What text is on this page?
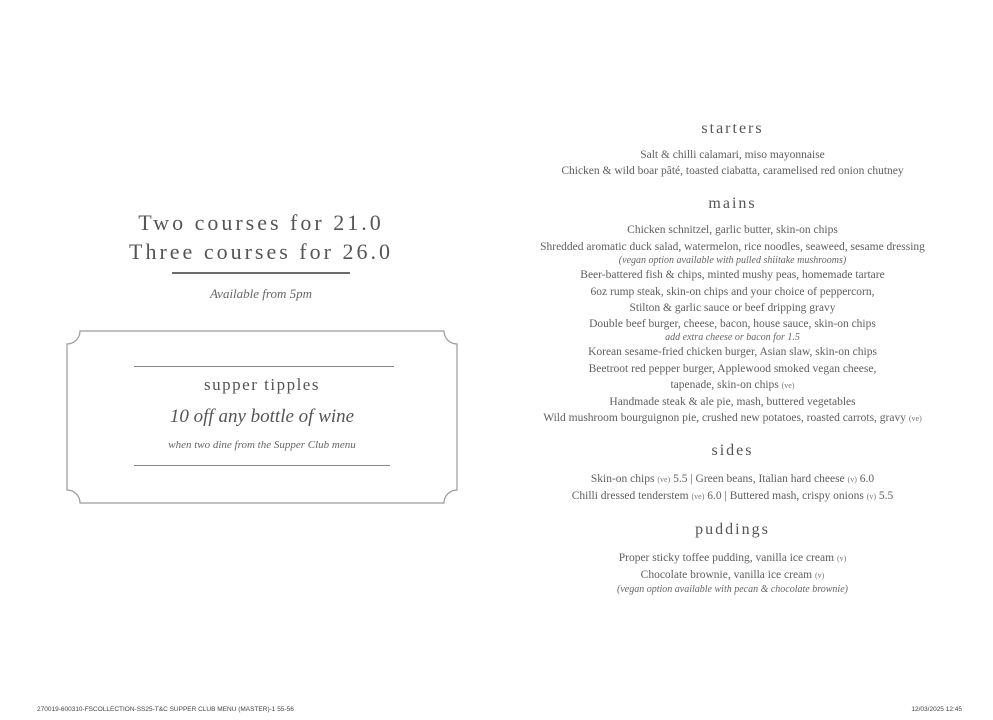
Two courses for 21.0
Three courses for 26.0
Available from 5pm
supper tipples
10 off any bottle of wine
when two dine from the Supper Club menu
starters
Salt & chilli calamari, miso mayonnaise
Chicken & wild boar pâté, toasted ciabatta, caramelised red onion chutney
mains
Chicken schnitzel, garlic butter, skin-on chips
Shredded aromatic duck salad, watermelon, rice noodles, seaweed, sesame dressing
(vegan option available with pulled shiitake mushrooms)
Beer-battered fish & chips, minted mushy peas, homemade tartare
6oz rump steak, skin-on chips and your choice of peppercorn,
Stilton & garlic sauce or beef dripping gravy
Double beef burger, cheese, bacon, house sauce, skin-on chips
add extra cheese or bacon for 1.5
Korean sesame-fried chicken burger, Asian slaw, skin-on chips
Beetroot red pepper burger, Applewood smoked vegan cheese,
tapenade, skin-on chips (ve)
Handmade steak & ale pie, mash, buttered vegetables
Wild mushroom bourguignon pie, crushed new potatoes, roasted carrots, gravy (ve)
sides
Skin-on chips (ve) 5.5 | Green beans, Italian hard cheese (v) 6.0
Chilli dressed tenderstem (ve) 6.0 | Buttered mash, crispy onions (v) 5.5
puddings
Proper sticky toffee pudding, vanilla ice cream (v)
Chocolate brownie, vanilla ice cream (v)
(vegan option available with pecan & chocolate brownie)
270019-600310-FSCOLLECTION-SS25-T&C SUPPER CLUB MENU (MASTER)-1 55-56	12/03/2025 12:45
